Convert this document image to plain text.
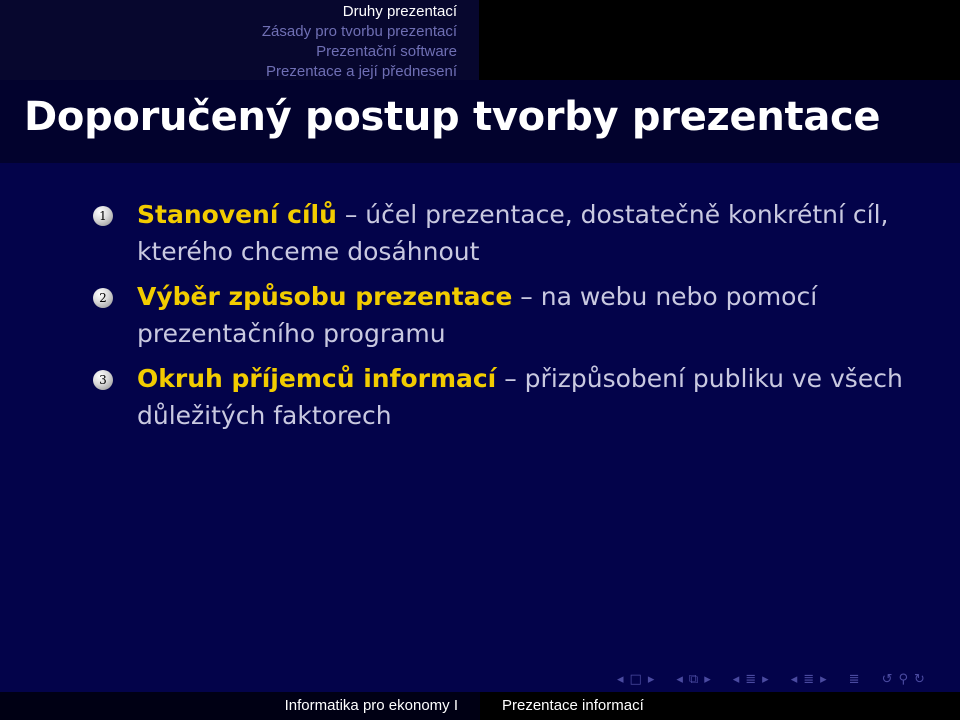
Druhy prezentací
Zásady pro tvorbu prezentací
Prezentační software
Prezentace a její přednesení
Doporučený postup tvorby prezentace
1 Stanovení cílů – účel prezentace, dostatečně konkrétní cíl, kterého chceme dosáhnout
2 Výběr způsobu prezentace – na webu nebo pomocí prezentačního programu
3 Okruh příjemců informací – přizpůsobení publiku ve všech důležitých faktorech
◂ □ ▸ ◂ ⧉ ▸ ◂ ≣ ▸ ◂ ≣ ▸ ≣ ↺ ⚲ ↻
Informatika pro ekonomy I	Prezentace informací
